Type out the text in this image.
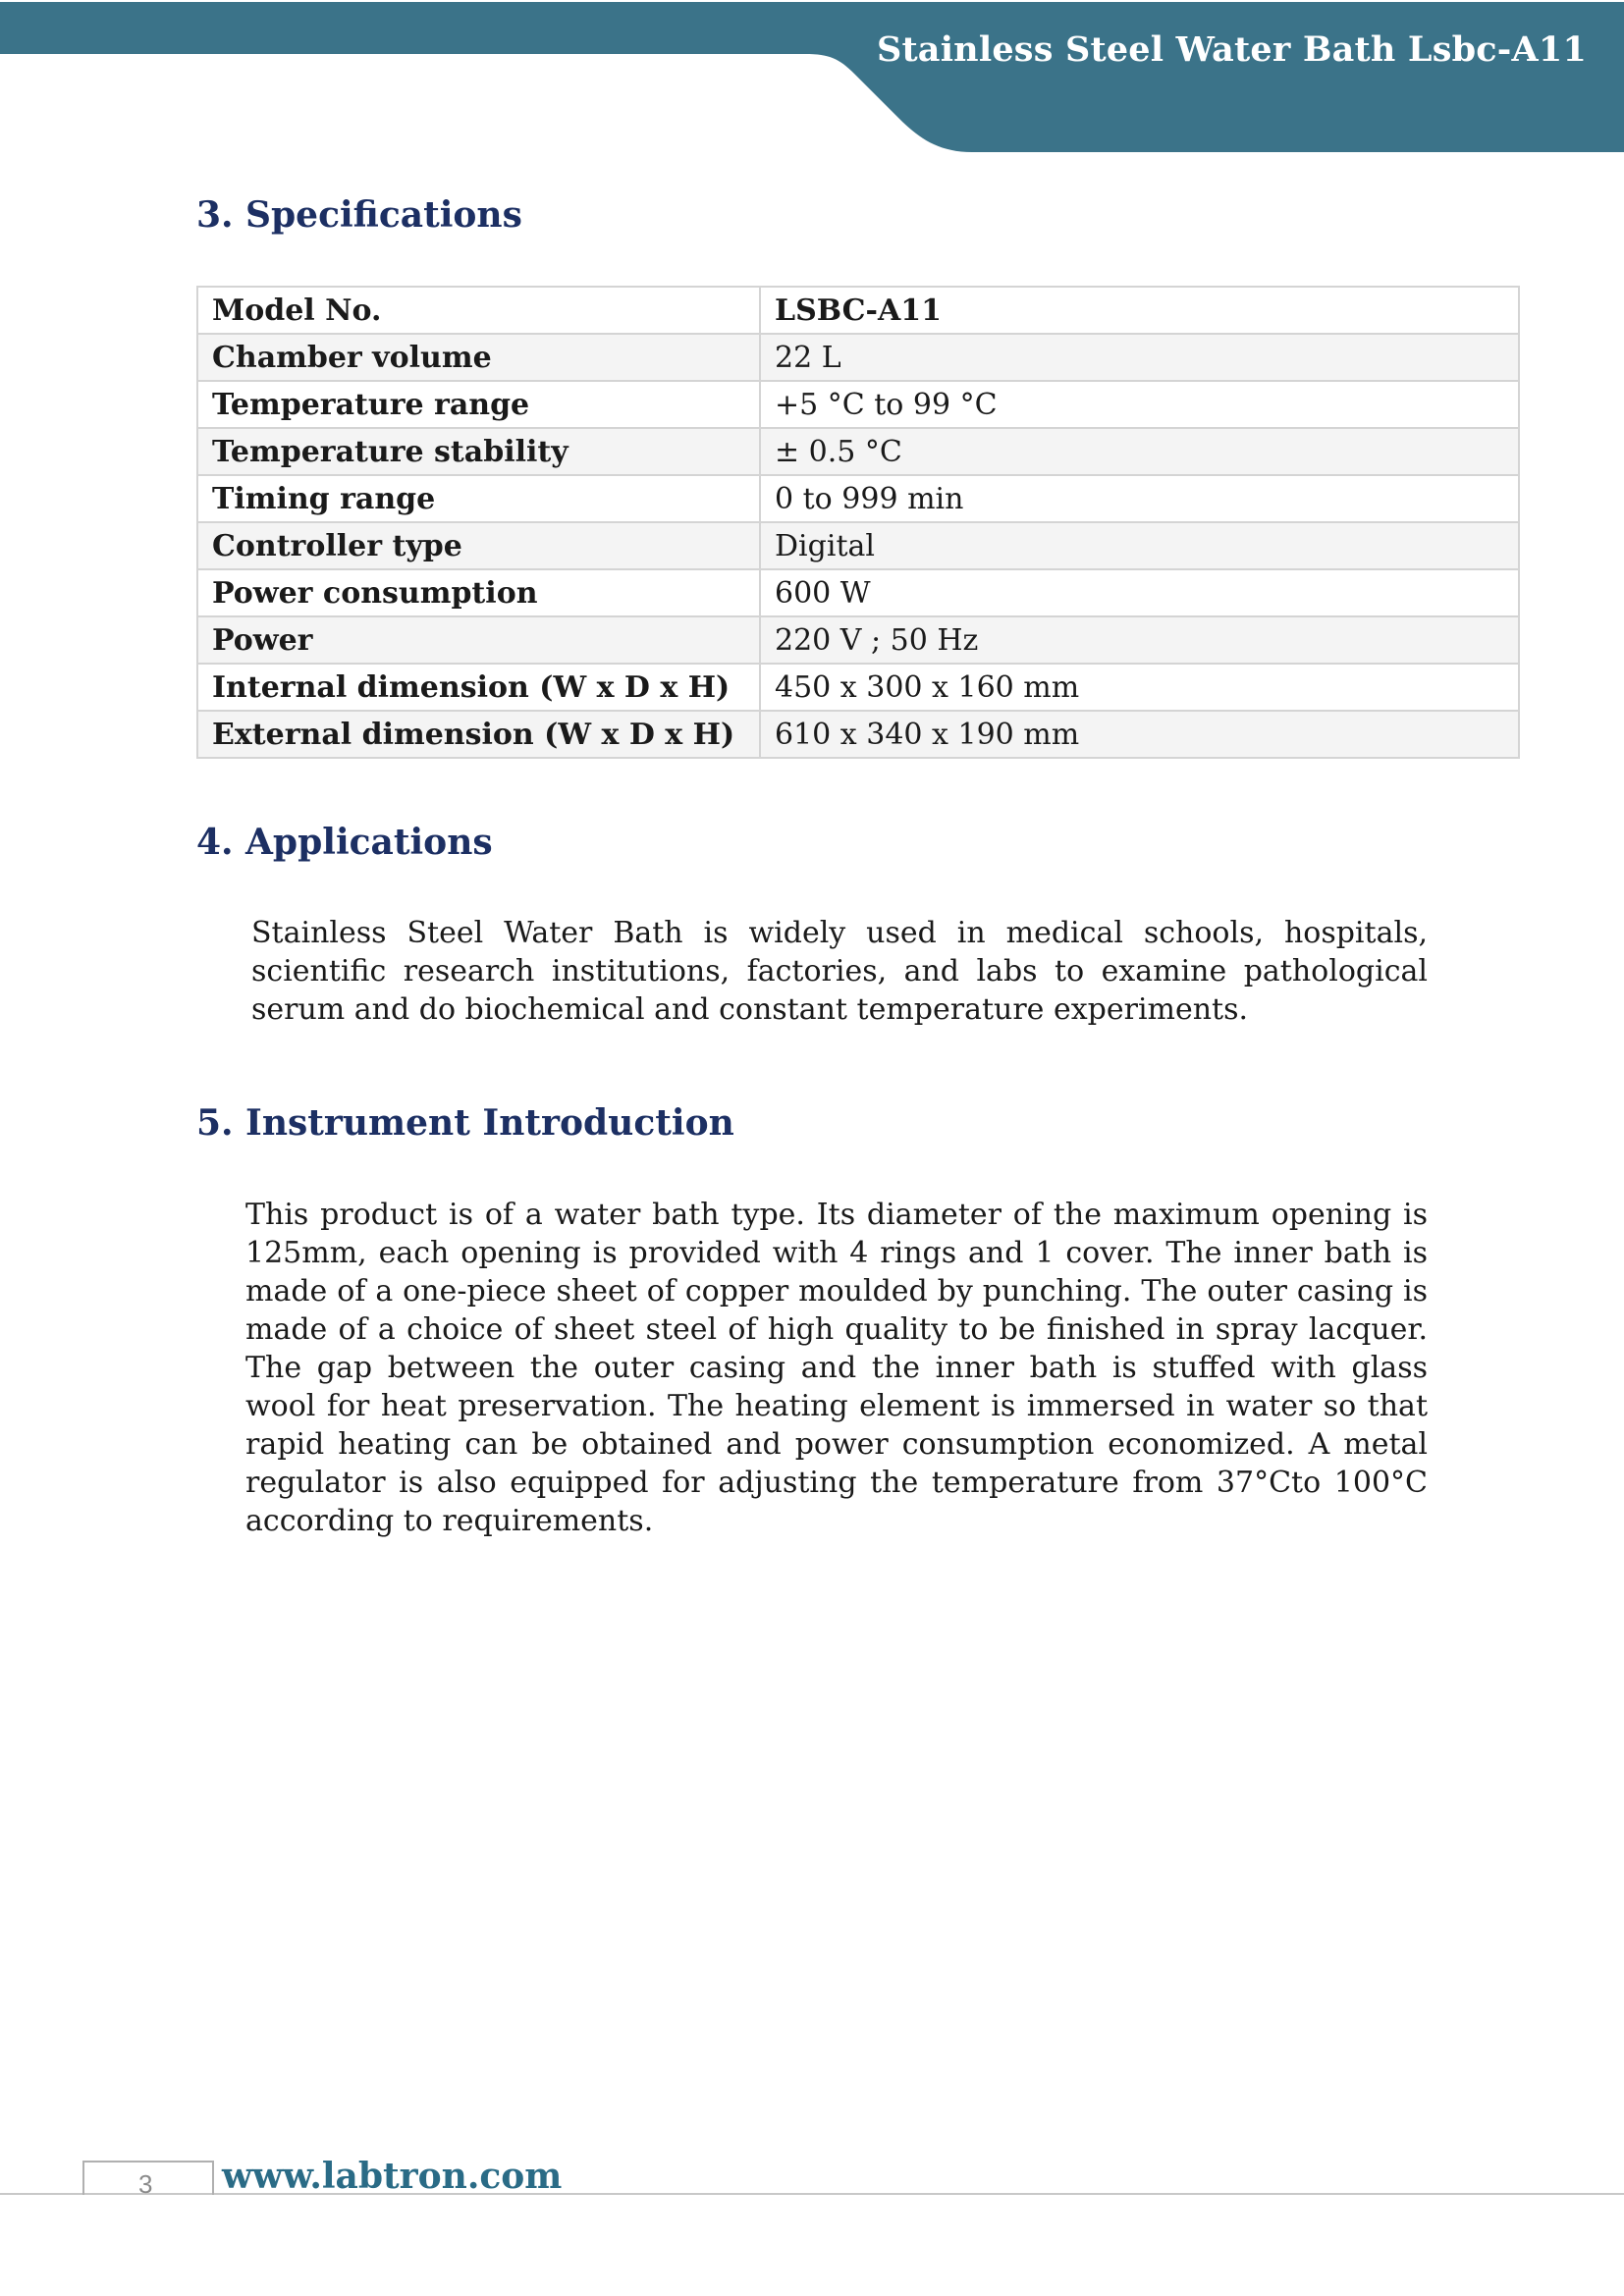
Stainless Steel Water Bath Lsbc-A11
3. Specifications
Model No.	LSBC-A11
Chamber volume	22 L
Temperature range	+5 °C to 99 °C
Temperature stability	± 0.5 °C
Timing range	0 to 999 min
Controller type	Digital
Power consumption	600 W
Power	220 V ; 50 Hz
Internal dimension (W x D x H)	450 x 300 x 160 mm
External dimension (W x D x H)	610 x 340 x 190 mm
4. Applications
Stainless Steel Water Bath is widely used in medical schools, hospitals, scientific research institutions, factories, and labs to examine pathological serum and do biochemical and constant temperature experiments.
5. Instrument Introduction
This product is of a water bath type. Its diameter of the maximum opening is 125mm, each opening is provided with 4 rings and 1 cover. The inner bath is made of a one-piece sheet of copper moulded by punching. The outer casing is made of a choice of sheet steel of high quality to be finished in spray lacquer. The gap between the outer casing and the inner bath is stuffed with glass wool for heat preservation. The heating element is immersed in water so that rapid heating can be obtained and power consumption economized. A metal regulator is also equipped for adjusting the temperature from 37°Cto 100°C according to requirements.
3 www.labtron.com
